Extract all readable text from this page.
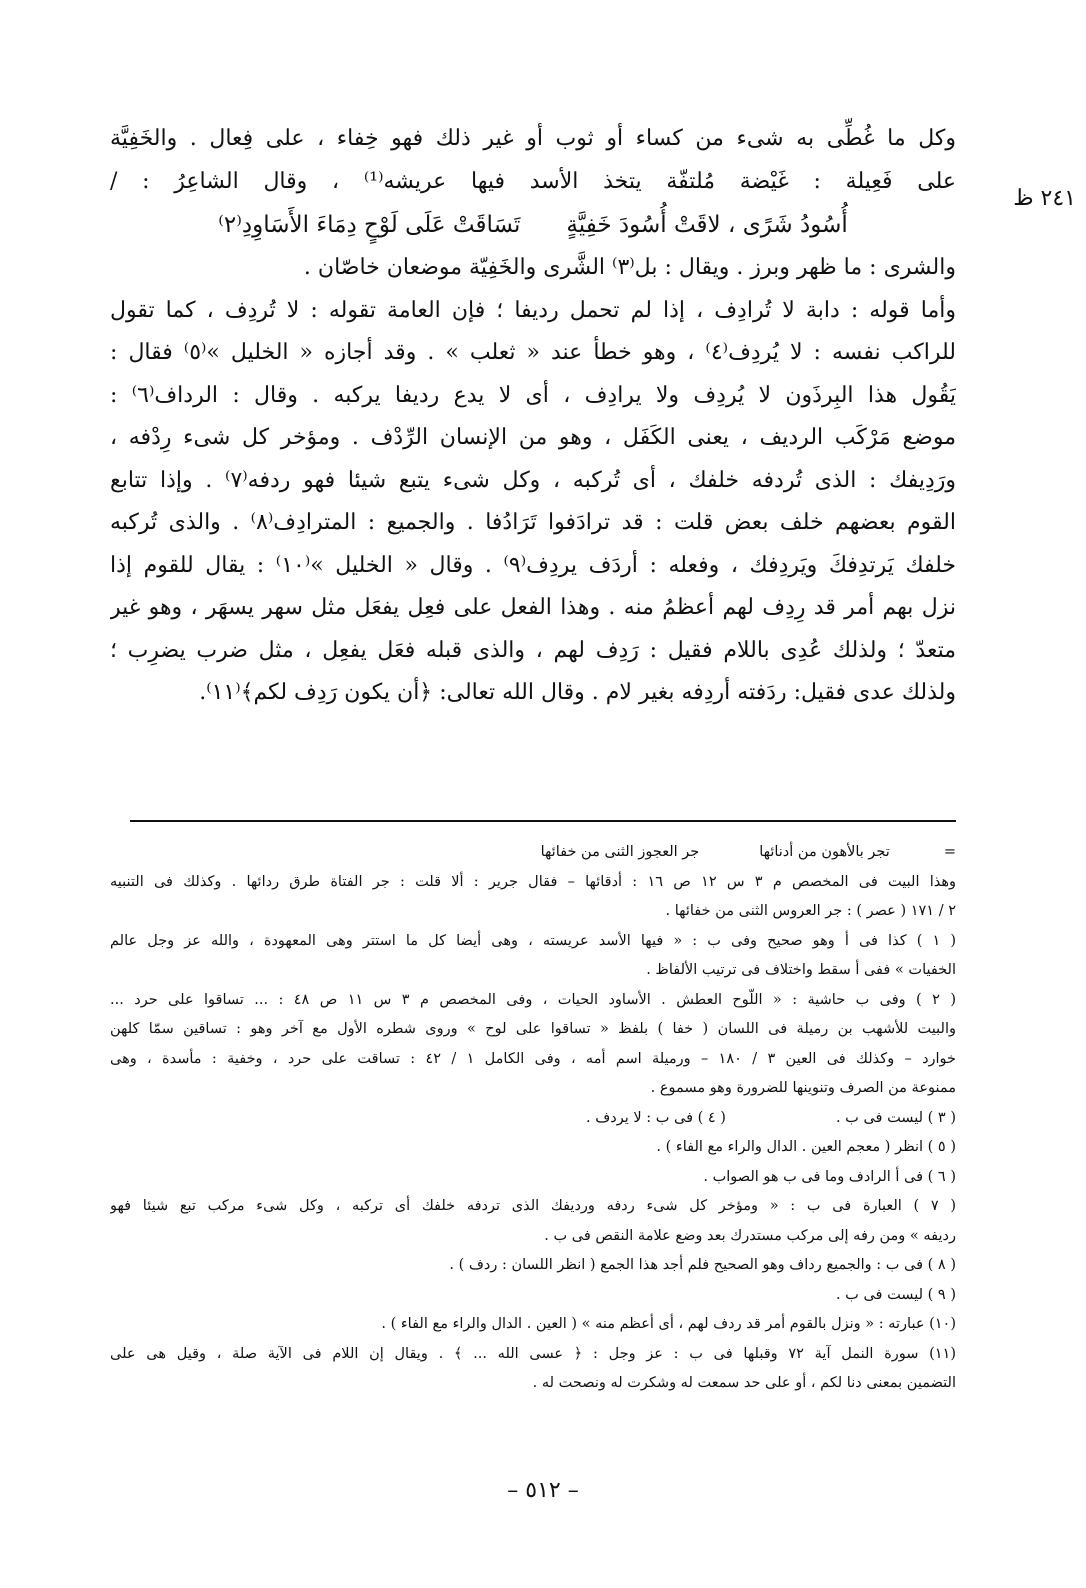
٢٤١ ظ
وكل ما غُطِّى به شىء من كساء أو ثوب أو غير ذلك فهو خِفاء ، على فِعال . والخَفِيَّة
على فَعِيلة : غَيْضة مُلتفّة يتخذ الأسد فيها عريشه⁽¹⁾ ، وقال الشاعِرُ : /
أُسُودُ شَرًى ، لاقَتْ أُسُودَ خَفِيَّةٍ
تَسَاقَتْ عَلَى لَوْحٍ دِمَاءَ الأَسَاوِدِ⁽٢⁾
والشرى : ما ظهر وبرز . ويقال : بل⁽٣⁾ الشَّرى والخَفِيّة موضعان خاصّان .
وأما قوله : دابة لا تُرادِف ، إذا لم تحمل رديفا ؛ فإن العامة تقوله : لا تُردِف ، كما تقول
للراكب نفسه : لا يُردِف⁽٤⁾ ، وهو خطأ عند « ثعلب » . وقد أجازه « الخليل »⁽٥⁾ فقال :
يَقُول هذا البِرذَون لا يُردِف ولا يرادِف ، أى لا يدع رديفا يركبه . وقال : الرداف⁽٦⁾ :
موضع مَرْكَب الرديف ، يعنى الكَفَل ، وهو من الإنسان الرِّدْف . ومؤخر كل شىء رِدْفه ،
ورَدِيفك : الذى تُردفه خلفك ، أى تُركبه ، وكل شىء يتبع شيئا فهو ردفه⁽٧⁾ . وإذا تتابع
القوم بعضهم خلف بعض قلت : قد ترادَفوا تَرَادُفا . والجميع : المترادِف⁽٨⁾ . والذى تُركبه
خلفك يَرتدِفكَ ويَردِفك ، وفعله : أردَف يردِف⁽٩⁾ . وقال « الخليل »⁽١٠⁾ : يقال للقوم إذا
نزل بهم أمر قد رِدِف لهم أعظمُ منه . وهذا الفعل على فعِل يفعَل مثل سهر يسهَر ، وهو غير
متعدّ ؛ ولذلك عُدِى باللام فقيل : رَدِف لهم ، والذى قبله فعَل يفعِل ، مثل ضرب يضرِب ؛
ولذلك عدى فقيل: ردَفته أردِفه بغير لام . وقال الله تعالى: ﴿أن يكون رَدِف لكم﴾⁽١١⁾.
=
تجر بالأهون من أدنائها
جر العجوز الثنى من خفائها
وهذا البيت فى المخصص م ٣ س ١٢ ص ١٦ : أدقائها – فقال جرير : ألا قلت : جر الفتاة طرق ردائها . وكذلك فى التنبيه
٢ / ١٧١ ( عصر ) : جر العروس الثنى من خفائها .
( ١ ) كذا فى أ وهو صحيح وفى ب : « فيها الأسد عريسته ، وهى أيضا كل ما استتر وهى المعهودة ، والله عز وجل عالم
الخفيات » ففى أ سقط واختلاف فى ترتيب الألفاظ .
( ٢ ) وفى ب حاشية : « اللّوح العطش . الأساود الحيات ، وفى المخصص م ٣ س ١١ ص ٤٨ : ... تساقوا على حرد ...
والبيت للأشهب بن رميلة فى اللسان ( خفا ) بلفظ « تساقوا على لوح » وروى شطره الأول مع آخر وهو : تساقين سمّا كلهن
خوارد – وكذلك فى العين ٣ / ١٨٠ – ورميلة اسم أمه ، وفى الكامل ١ / ٤٢ : تساقت على حرد ، وخفية : مأسدة ، وهى
ممنوعة من الصرف وتنوينها للضرورة وهو مسموع .
( ٣ ) ليست فى ب .
( ٤ ) فى ب : لا يردف .
( ٥ ) انظر ( معجم العين . الدال والراء مع الفاء ) .
( ٦ ) فى أ الرادف وما فى ب هو الصواب .
( ٧ ) العبارة فى ب : « ومؤخر كل شىء ردفه ورديفك الذى تردفه خلفك أى تركبه ، وكل شىء مركب تبع شيئا فهو
رديفه » ومن رفه إلى مركب مستدرك بعد وضع علامة النقص فى ب .
( ٨ ) فى ب : والجميع رداف وهو الصحيح فلم أجد هذا الجمع ( انظر اللسان : ردف ) .
( ٩ ) ليست فى ب .
(١٠) عبارته : « ونزل بالقوم أمر قد ردف لهم ، أى أعظم منه » ( العين . الدال والراء مع الفاء ) .
(١١) سورة النمل آية ٧٢ وقبلها فى ب : عز وجل : ﴿ عسى الله ... ﴾ . ويقال إن اللام فى الآية صلة ، وقيل هى على
التضمين بمعنى دنا لكم ، أو على حد سمعت له وشكرت له ونصحت له .
– ٥١٢ –
